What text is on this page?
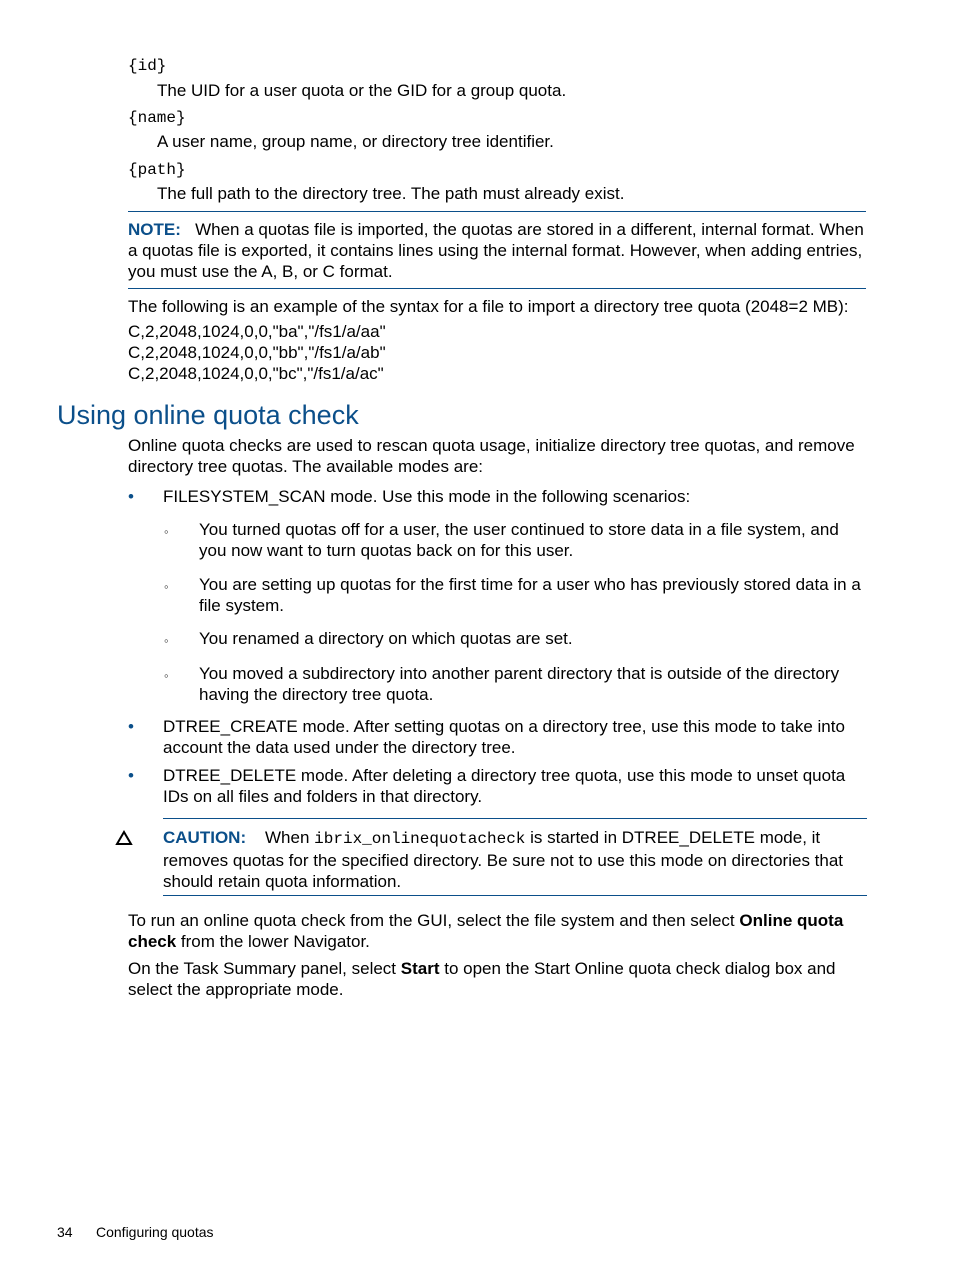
{id}
The UID for a user quota or the GID for a group quota.
{name}
A user name, group name, or directory tree identifier.
{path}
The full path to the directory tree. The path must already exist.
NOTE: When a quotas file is imported, the quotas are stored in a different, internal format. When a quotas file is exported, it contains lines using the internal format. However, when adding entries, you must use the A, B, or C format.
The following is an example of the syntax for a file to import a directory tree quota (2048=2 MB):
C,2,2048,1024,0,0,"ba","/fs1/a/aa"
C,2,2048,1024,0,0,"bb","/fs1/a/ab"
C,2,2048,1024,0,0,"bc","/fs1/a/ac"
Using online quota check
Online quota checks are used to rescan quota usage, initialize directory tree quotas, and remove directory tree quotas. The available modes are:
• FILESYSTEM_SCAN mode. Use this mode in the following scenarios:
◦ You turned quotas off for a user, the user continued to store data in a file system, and you now want to turn quotas back on for this user.
◦ You are setting up quotas for the first time for a user who has previously stored data in a file system.
◦ You renamed a directory on which quotas are set.
◦ You moved a subdirectory into another parent directory that is outside of the directory having the directory tree quota.
• DTREE_CREATE mode. After setting quotas on a directory tree, use this mode to take into account the data used under the directory tree.
• DTREE_DELETE mode. After deleting a directory tree quota, use this mode to unset quota IDs on all files and folders in that directory.
CAUTION: When ibrix_onlinequotacheck is started in DTREE_DELETE mode, it removes quotas for the specified directory. Be sure not to use this mode on directories that should retain quota information.
To run an online quota check from the GUI, select the file system and then select Online quota check from the lower Navigator.
On the Task Summary panel, select Start to open the Start Online quota check dialog box and select the appropriate mode.
34 Configuring quotas
